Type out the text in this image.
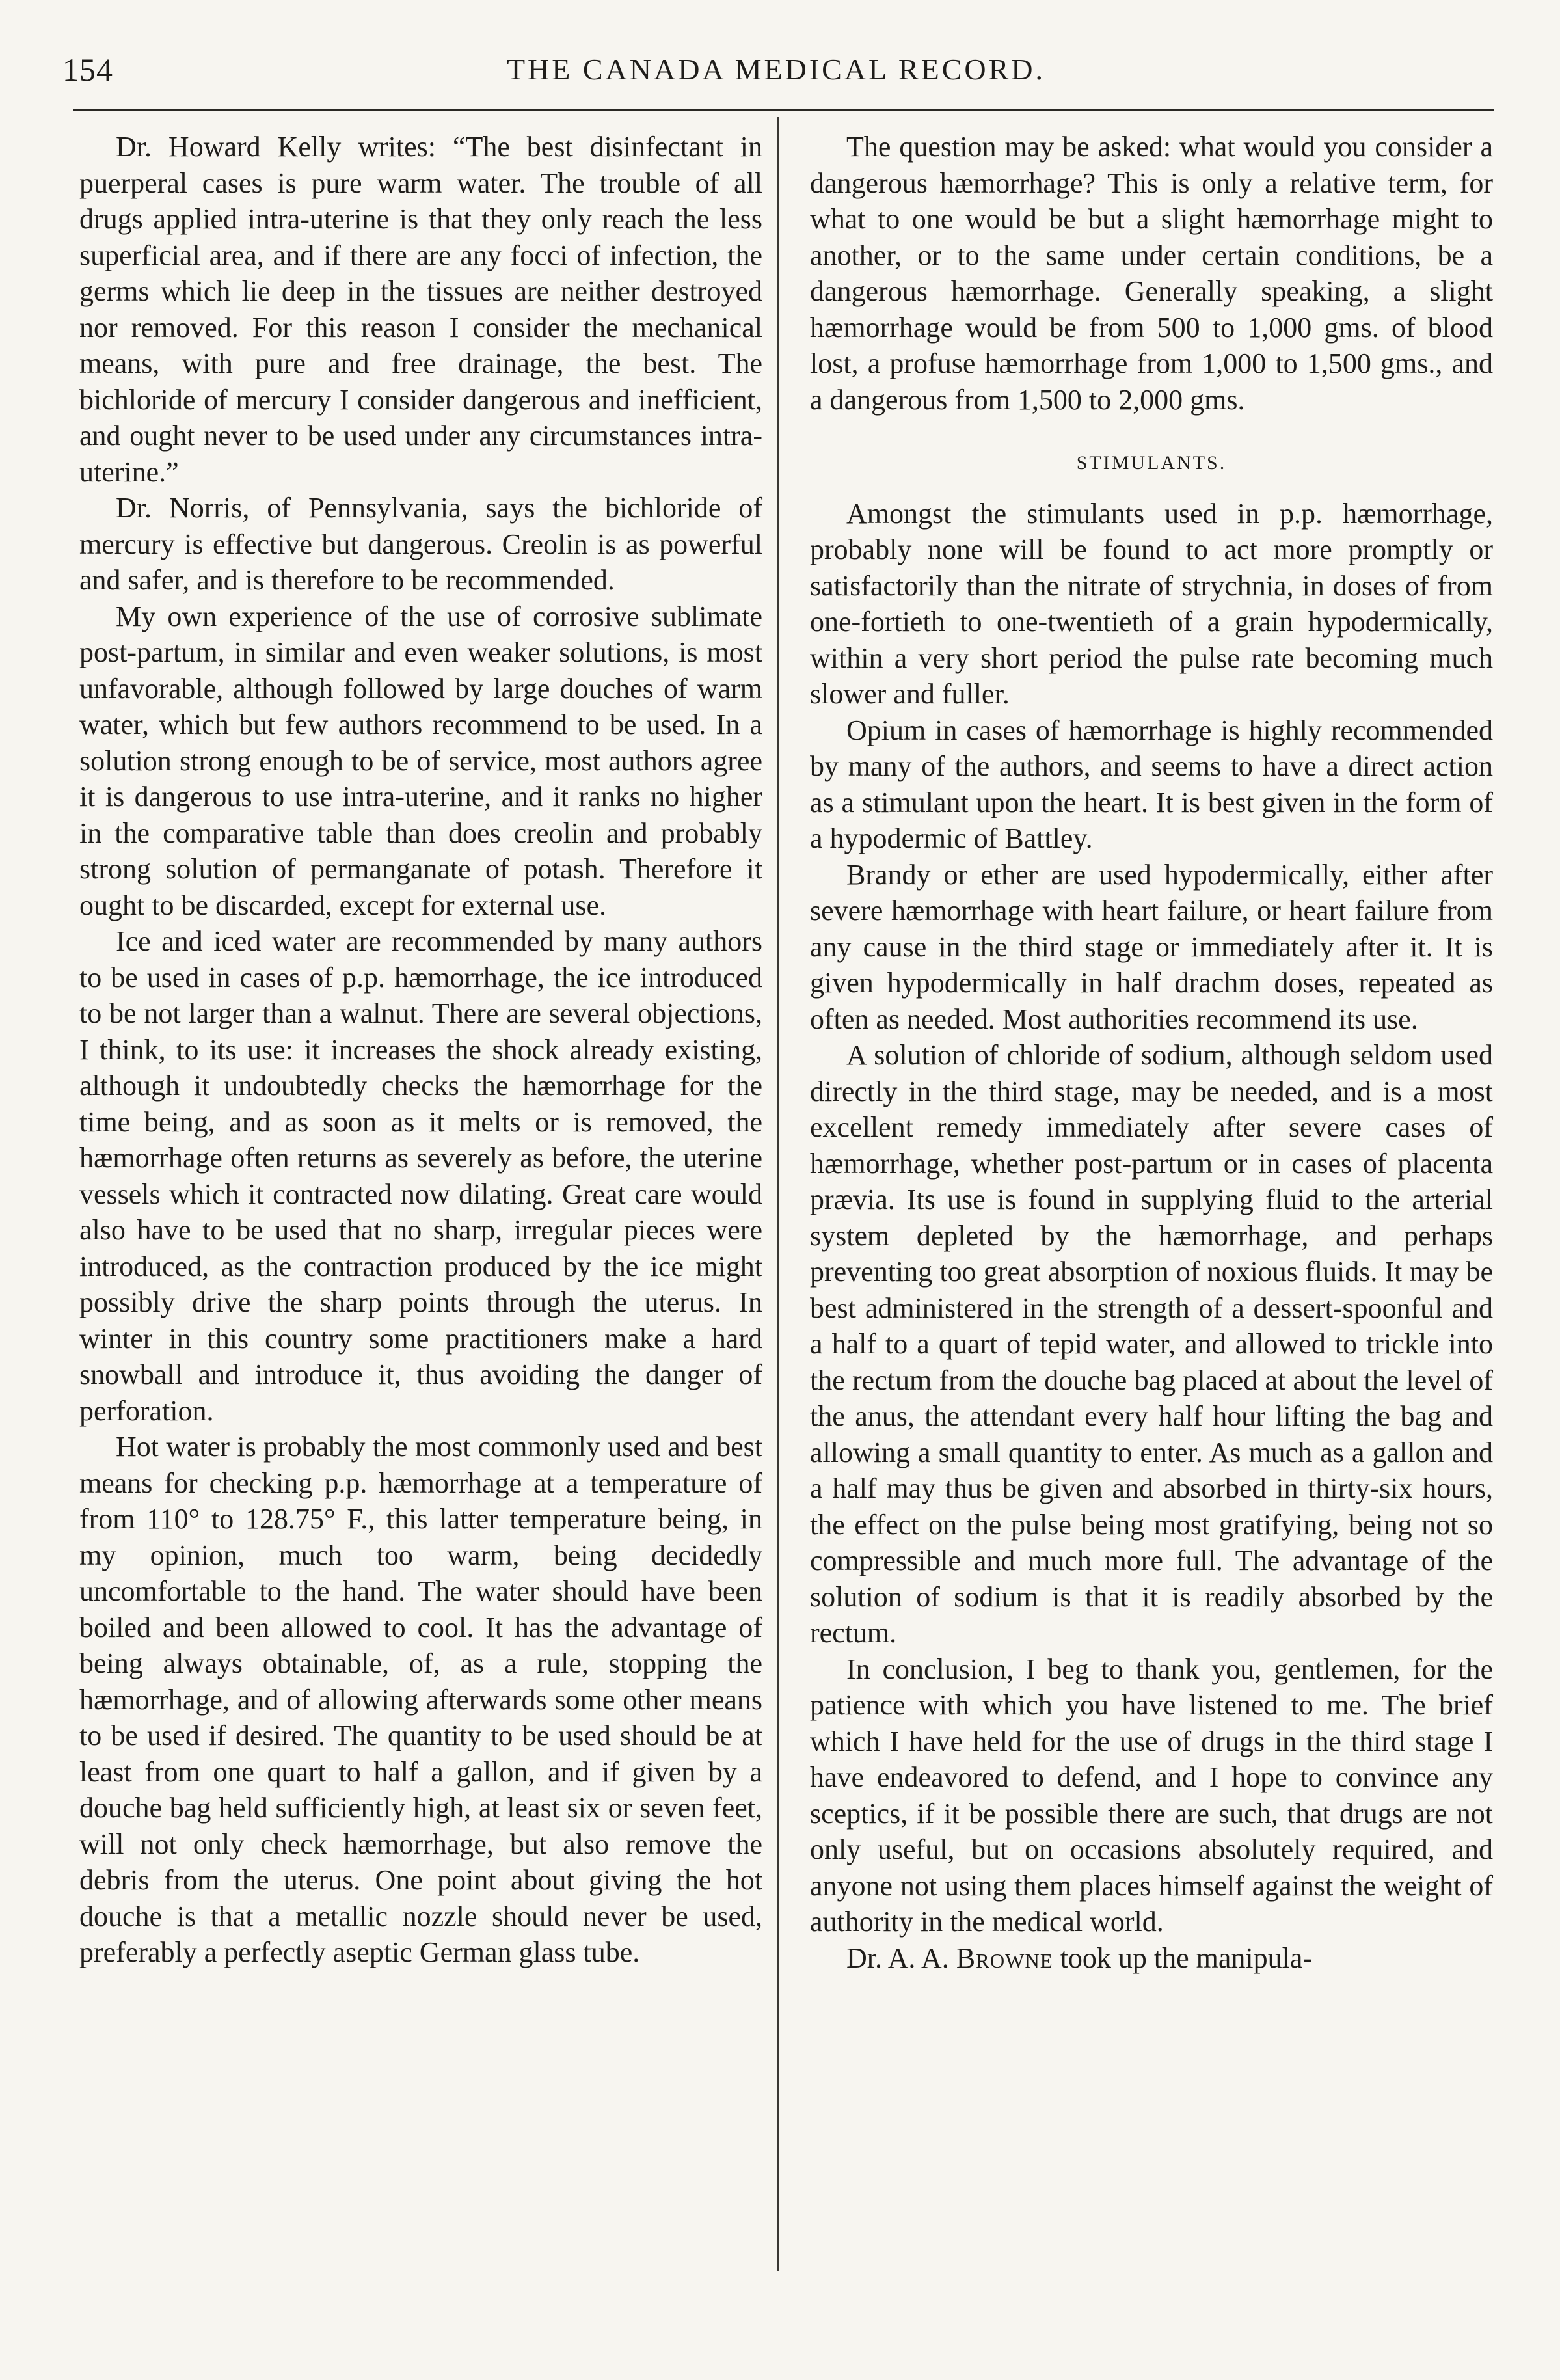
154	THE CANADA MEDICAL RECORD.

Dr. Howard Kelly writes: “The best disinfectant in puerperal cases is pure warm water. The trouble of all drugs applied intra-uterine is that they only reach the less superficial area, and if there are any focci of infection, the germs which lie deep in the tissues are neither destroyed nor removed. For this reason I consider the mechanical means, with pure and free drainage, the best. The bichloride of mercury I consider dangerous and inefficient, and ought never to be used under any circumstances intra-uterine.”

Dr. Norris, of Pennsylvania, says the bichloride of mercury is effective but dangerous. Creolin is as powerful and safer, and is therefore to be recommended.

My own experience of the use of corrosive sublimate post-partum, in similar and even weaker solutions, is most unfavorable, although followed by large douches of warm water, which but few authors recommend to be used. In a solution strong enough to be of service, most authors agree it is dangerous to use intra-uterine, and it ranks no higher in the comparative table than does creolin and probably strong solution of permanganate of potash. Therefore it ought to be discarded, except for external use.

Ice and iced water are recommended by many authors to be used in cases of p.p. hæmorrhage, the ice introduced to be not larger than a walnut. There are several objections, I think, to its use: it increases the shock already existing, although it undoubtedly checks the hæmorrhage for the time being, and as soon as it melts or is removed, the hæmorrhage often returns as severely as before, the uterine vessels which it contracted now dilating. Great care would also have to be used that no sharp, irregular pieces were introduced, as the contraction produced by the ice might possibly drive the sharp points through the uterus. In winter in this country some practitioners make a hard snowball and introduce it, thus avoiding the danger of perforation.

Hot water is probably the most commonly used and best means for checking p.p. hæmorrhage at a temperature of from 110° to 128.75° F., this latter temperature being, in my opinion, much too warm, being decidedly uncomfortable to the hand. The water should have been boiled and been allowed to cool. It has the advantage of being always obtainable, of, as a rule, stopping the hæmorrhage, and of allowing afterwards some other means to be used if desired. The quantity to be used should be at least from one quart to half a gallon, and if given by a douche bag held sufficiently high, at least six or seven feet, will not only check hæmorrhage, but also remove the debris from the uterus. One point about giving the hot douche is that a metallic nozzle should never be used, preferably a perfectly aseptic German glass tube.

The question may be asked: what would you consider a dangerous hæmorrhage? This is only a relative term, for what to one would be but a slight hæmorrhage might to another, or to the same under certain conditions, be a dangerous hæmorrhage. Generally speaking, a slight hæmorrhage would be from 500 to 1,000 gms. of blood lost, a profuse hæmorrhage from 1,000 to 1,500 gms., and a dangerous from 1,500 to 2,000 gms.

STIMULANTS.

Amongst the stimulants used in p.p. hæmorrhage, probably none will be found to act more promptly or satisfactorily than the nitrate of strychnia, in doses of from one-fortieth to one-twentieth of a grain hypodermically, within a very short period the pulse rate becoming much slower and fuller.

Opium in cases of hæmorrhage is highly recommended by many of the authors, and seems to have a direct action as a stimulant upon the heart. It is best given in the form of a hypodermic of Battley.

Brandy or ether are used hypodermically, either after severe hæmorrhage with heart failure, or heart failure from any cause in the third stage or immediately after it. It is given hypodermically in half drachm doses, repeated as often as needed. Most authorities recommend its use.

A solution of chloride of sodium, although seldom used directly in the third stage, may be needed, and is a most excellent remedy immediately after severe cases of hæmorrhage, whether post-partum or in cases of placenta prævia. Its use is found in supplying fluid to the arterial system depleted by the hæmorrhage, and perhaps preventing too great absorption of noxious fluids. It may be best administered in the strength of a dessert-spoonful and a half to a quart of tepid water, and allowed to trickle into the rectum from the douche bag placed at about the level of the anus, the attendant every half hour lifting the bag and allowing a small quantity to enter. As much as a gallon and a half may thus be given and absorbed in thirty-six hours, the effect on the pulse being most gratifying, being not so compressible and much more full. The advantage of the solution of sodium is that it is readily absorbed by the rectum.

In conclusion, I beg to thank you, gentlemen, for the patience with which you have listened to me. The brief which I have held for the use of drugs in the third stage I have endeavored to defend, and I hope to convince any sceptics, if it be possible there are such, that drugs are not only useful, but on occasions absolutely required, and anyone not using them places himself against the weight of authority in the medical world.

Dr. A. A. Browne took up the manipula-
